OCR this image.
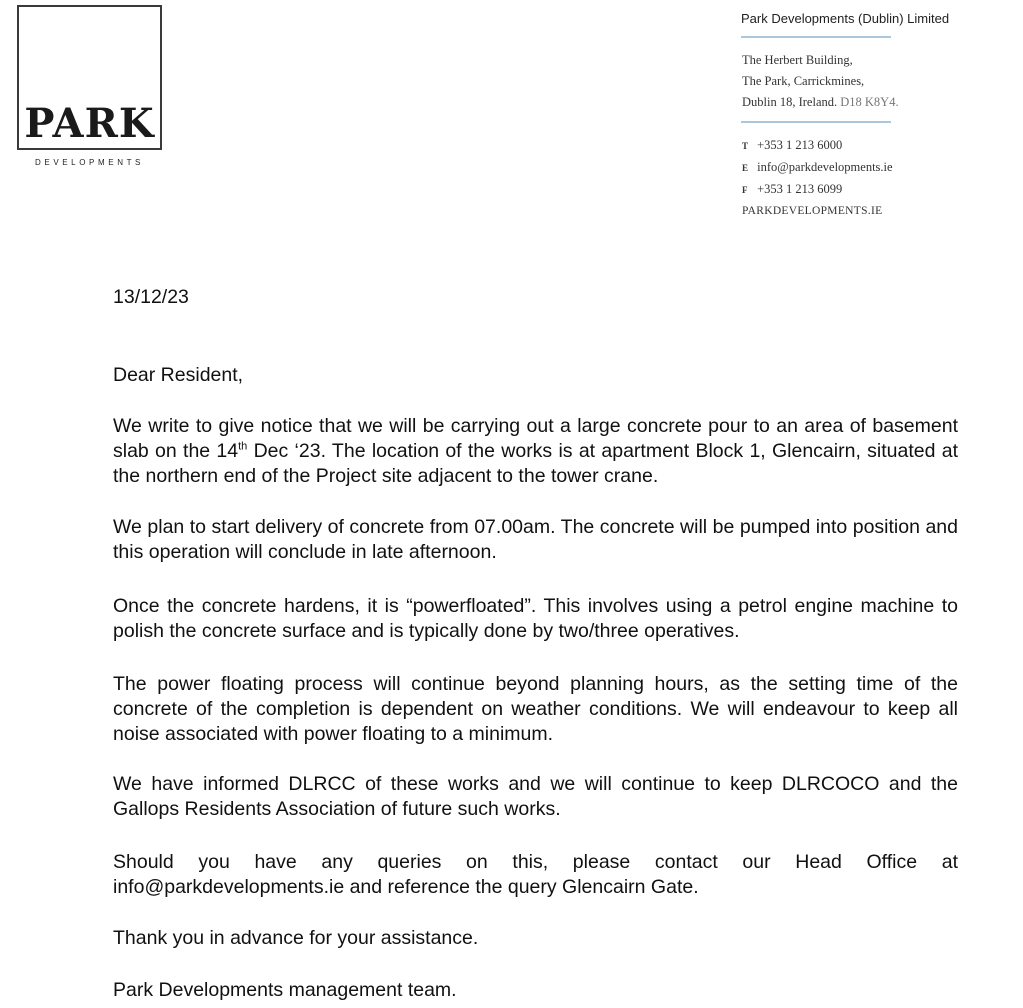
PARK
DEVELOPMENTS
Park Developments (Dublin) Limited
The Herbert Building,
The Park, Carrickmines,
Dublin 18, Ireland. D18 K8Y4.
T +353 1 213 6000
E info@parkdevelopments.ie
F +353 1 213 6099
PARKDEVELOPMENTS.IE
13/12/23
Dear Resident,

We write to give notice that we will be carrying out a large concrete pour to an area of basement slab on the 14th Dec ‘23. The location of the works is at apartment Block 1, Glencairn, situated at the northern end of the Project site adjacent to the tower crane.

We plan to start delivery of concrete from 07.00am. The concrete will be pumped into position and this operation will conclude in late afternoon.

Once the concrete hardens, it is “powerfloated”. This involves using a petrol engine machine to polish the concrete surface and is typically done by two/three operatives.

The power floating process will continue beyond planning hours, as the setting time of the concrete of the completion is dependent on weather conditions. We will endeavour to keep all noise associated with power floating to a minimum.

We have informed DLRCC of these works and we will continue to keep DLRCOCO and the Gallops Residents Association of future such works.

Should you have any queries on this, please contact our Head Office at info@parkdevelopments.ie and reference the query Glencairn Gate.

Thank you in advance for your assistance.

Park Developments management team.
